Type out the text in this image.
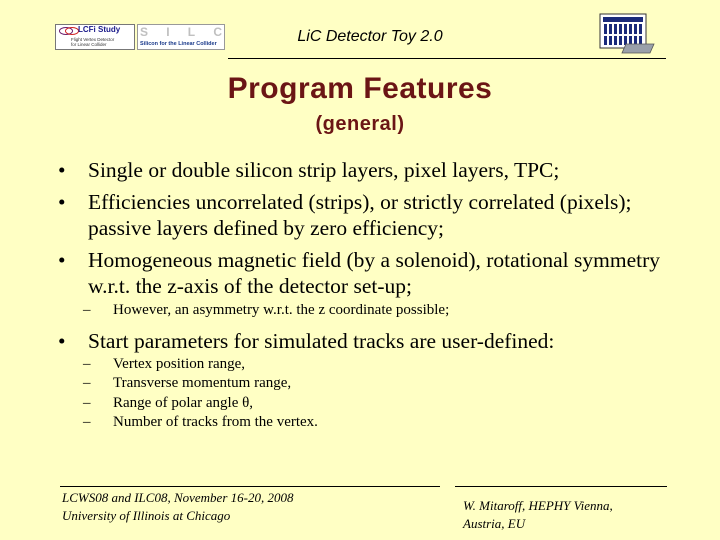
LCFi Study
Flight Vertex Detector
for Linear Collider
S I L C
Silicon for the Linear Collider	LiC Detector Toy 2.0
Program Features
(general)

• Single or double silicon strip layers, pixel layers, TPC;

• Efficiencies uncorrelated (strips), or strictly correlated (pixels); passive layers defined by zero efficiency;

• Homogeneous magnetic field (by a solenoid), rotational symmetry w.r.t. the z-axis of the detector set-up;

– However, an asymmetry w.r.t. the z coordinate possible;

• Start parameters for simulated tracks are user-defined:

– Vertex position range,

– Transverse momentum range,

– Range of polar angle θ,

– Number of tracks from the vertex.

LCWS08 and ILC08, November 16-20, 2008
University of Illinois at Chicago
W. Mitaroff, HEPHY Vienna,
Austria, EU
